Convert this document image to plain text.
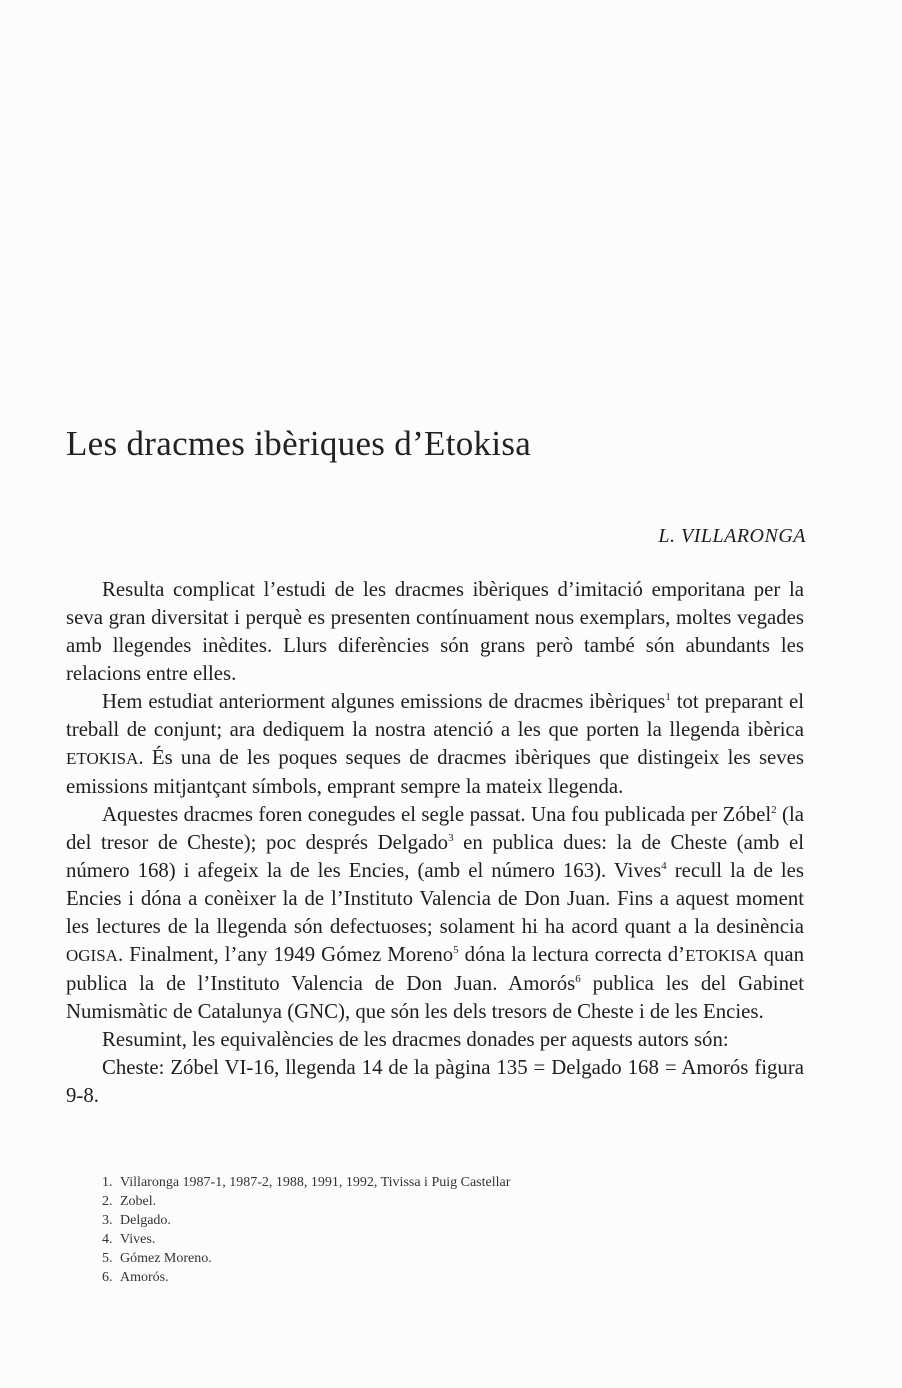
Les dracmes ibèriques d’Etokisa
L. VILLARONGA

Resulta complicat l’estudi de les dracmes ibèriques d’imitació emporitana per la seva gran diversitat i perquè es presenten contínuament nous exemplars, moltes vegades amb llegendes inèdites. Llurs diferències són grans però també són abundants les relacions entre elles.

Hem estudiat anteriorment algunes emissions de dracmes ibèriques$^1$ tot preparant el treball de conjunt; ara dediquem la nostra atenció a les que porten la llegenda ibèrica ETOKISA. És una de les poques seques de dracmes ibèriques que distingeix les seves emissions mitjantçant símbols, emprant sempre la mateix llegenda.

Aquestes dracmes foren conegudes el segle passat. Una fou publicada per Zóbel$^2$ (la del tresor de Cheste); poc després Delgado$^3$ en publica dues: la de Cheste (amb el número 168) i afegeix la de les Encies, (amb el número 163). Vives$^4$ recull la de les Encies i dóna a conèixer la de l’Instituto Valencia de Don Juan. Fins a aquest moment les lectures de la llegenda són defectuoses; solament hi ha acord quant a la desinència OGISA. Finalment, l’any 1949 Gómez Moreno$^5$ dóna la lectura correcta d’ETOKISA quan publica la de l’Instituto Valencia de Don Juan. Amorós$^6$ publica les del Gabinet Numismàtic de Catalunya (GNC), que són les dels tresors de Cheste i de les Encies.

Resumint, les equivalències de les dracmes donades per aquests autors són:

Cheste: Zóbel VI-16, llegenda 14 de la pàgina 135 = Delgado 168 = Amorós figura 9-8.

1. Villaronga 1987-1, 1987-2, 1988, 1991, 1992, Tivissa i Puig Castellar
2. Zobel.
3. Delgado.
4. Vives.
5. Gómez Moreno.
6. Amorós.
